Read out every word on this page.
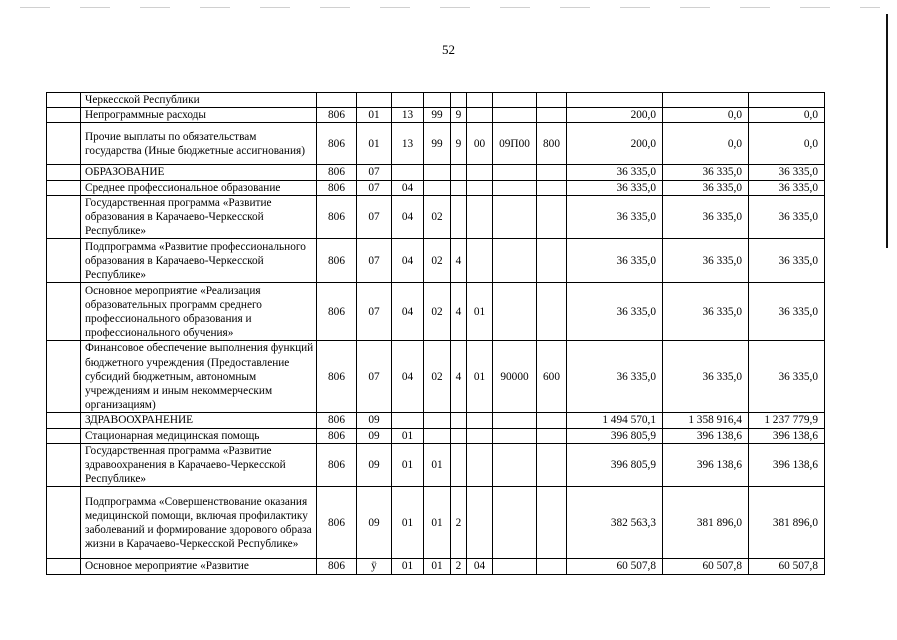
52
	Черкесской Республики											
	Непрограммные расходы	806	01	13	99	9				200,0	0,0	0,0
	Прочие выплаты по обязательствам государства (Иные бюджетные ассигнования)	806	01	13	99	9	00	09П00	800	200,0	0,0	0,0
	ОБРАЗОВАНИЕ	806	07							36 335,0	36 335,0	36 335,0
	Среднее профессиональное образование	806	07	04						36 335,0	36 335,0	36 335,0
	Государственная программа «Развитие образования в Карачаево-Черкесской Республике»	806	07	04	02					36 335,0	36 335,0	36 335,0
	Подпрограмма «Развитие профессионального образования в Карачаево-Черкесской Республике»	806	07	04	02	4				36 335,0	36 335,0	36 335,0
	Основное мероприятие «Реализация образовательных программ среднего профессионального образования и профессионального обучения»	806	07	04	02	4	01			36 335,0	36 335,0	36 335,0
	Финансовое обеспечение выполнения функций бюджетного учреждения (Предоставление субсидий бюджетным, автономным учреждениям и иным некоммерческим организациям)	806	07	04	02	4	01	90000	600	36 335,0	36 335,0	36 335,0
	ЗДРАВООХРАНЕНИЕ	806	09							1 494 570,1	1 358 916,4	1 237 779,9
	Стационарная медицинская помощь	806	09	01						396 805,9	396 138,6	396 138,6
	Государственная программа «Развитие здравоохранения в Карачаево-Черкесской Республике»	806	09	01	01					396 805,9	396 138,6	396 138,6
	Подпрограмма «Совершенствование оказания медицинской помощи, включая профилактику заболеваний и формирование здорового образа жизни в Карачаево-Черкесской Республике»	806	09	01	01	2				382 563,3	381 896,0	381 896,0
	Основное мероприятие «Развитие	806	ÿ	01	01	2	04			60 507,8	60 507,8	60 507,8
